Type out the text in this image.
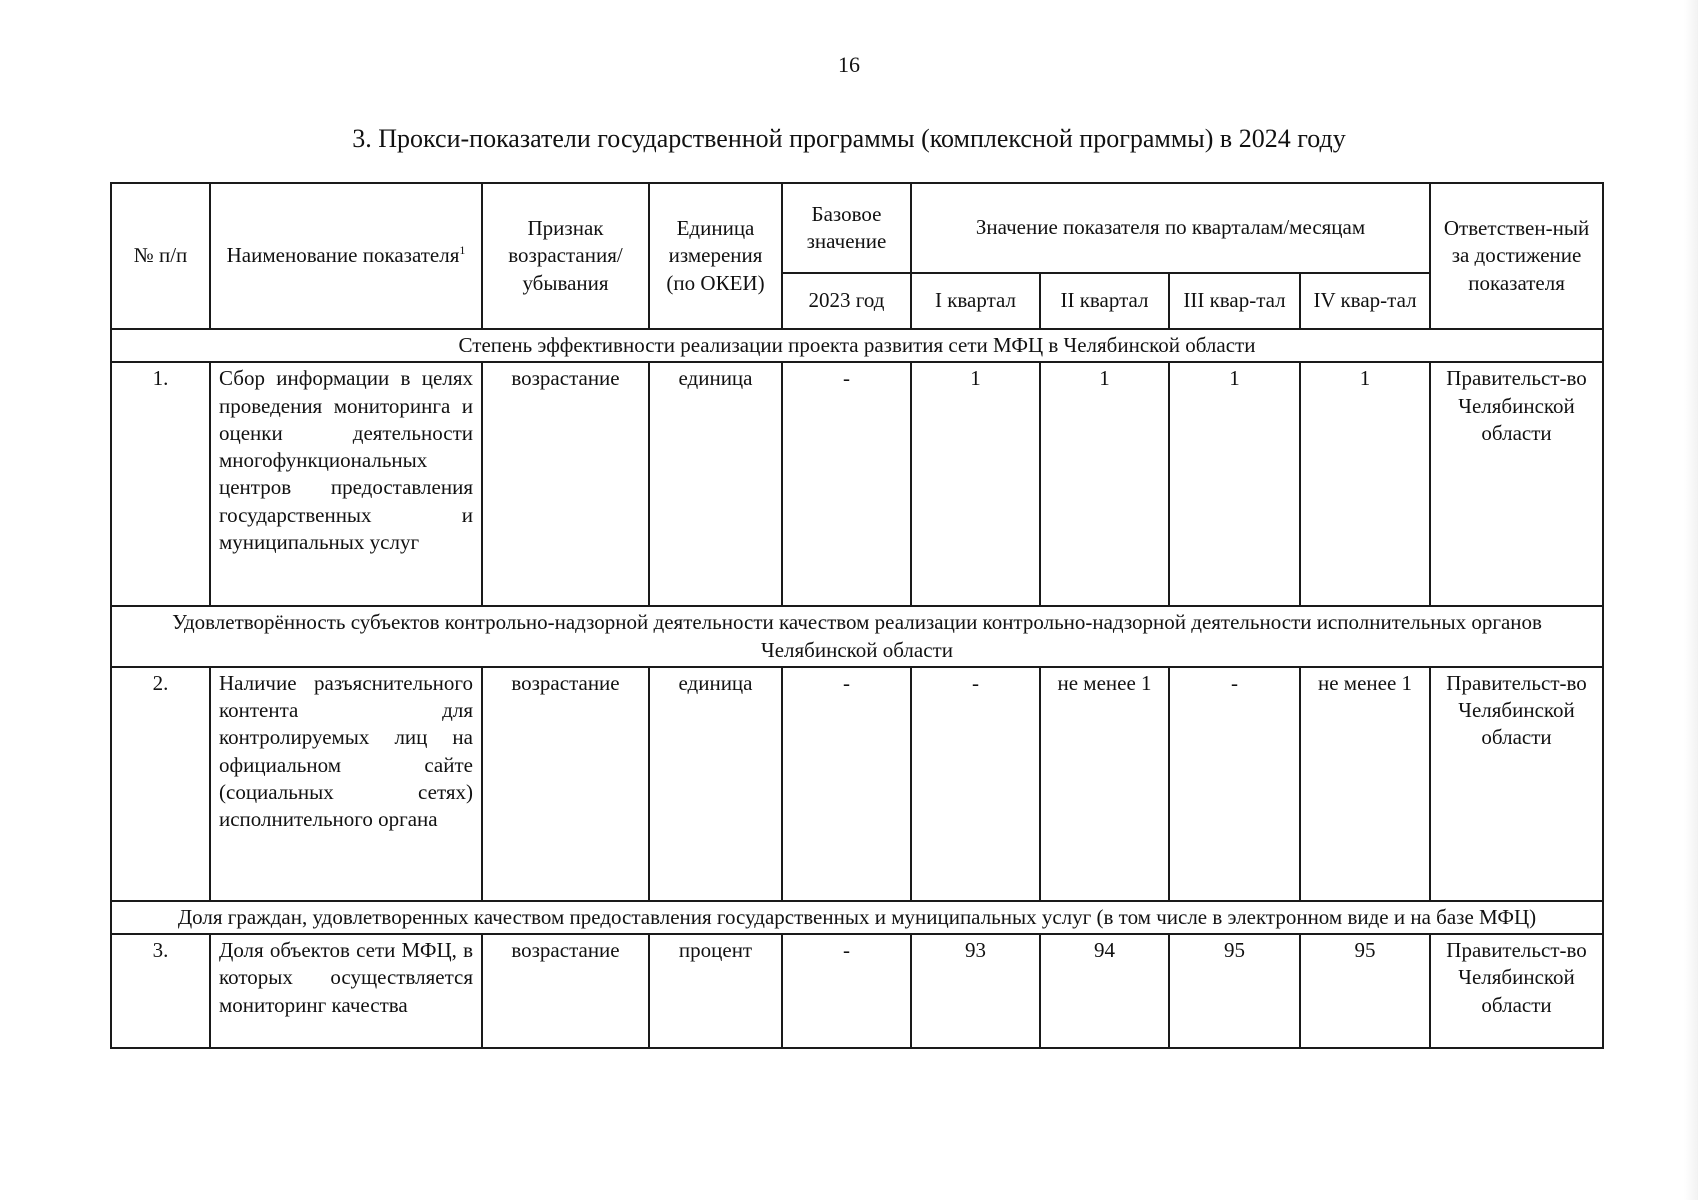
16
3. Прокси-показатели государственной программы (комплексной программы) в 2024 году
№ п/п	Наименование показателя$^1$	Признак возрастания/ убывания	Единица измерения (по ОКЕИ)	Базовое значение	Значение показателя по кварталам/месяцам				Ответствен-ный за достижение показателя
				2023 год	I квартал	II квартал	III квар-тал	IV квар-тал	
Степень эффективности реализации проекта развития сети МФЦ в Челябинской области									
1.	Сбор информации в целях проведения мониторинга и оценки деятельности многофункциональных центров предоставления государственных и муниципальных услуг	возрастание	единица	-	1	1	1	1	Правительст-во Челябинской области
Удовлетворённость субъектов контрольно-надзорной деятельности качеством реализации контрольно-надзорной деятельности исполнительных органов Челябинской области									
2.	Наличие разъяснительного контента для контролируемых лиц на официальном сайте (социальных сетях) исполнительного органа	возрастание	единица	-	-	не менее 1	-	не менее 1	Правительст-во Челябинской области
Доля граждан, удовлетворенных качеством предоставления государственных и муниципальных услуг (в том числе в электронном виде и на базе МФЦ)									
3.	Доля объектов сети МФЦ, в которых осуществляется мониторинг качества	возрастание	процент	-	93	94	95	95	Правительст-во Челябинской области
